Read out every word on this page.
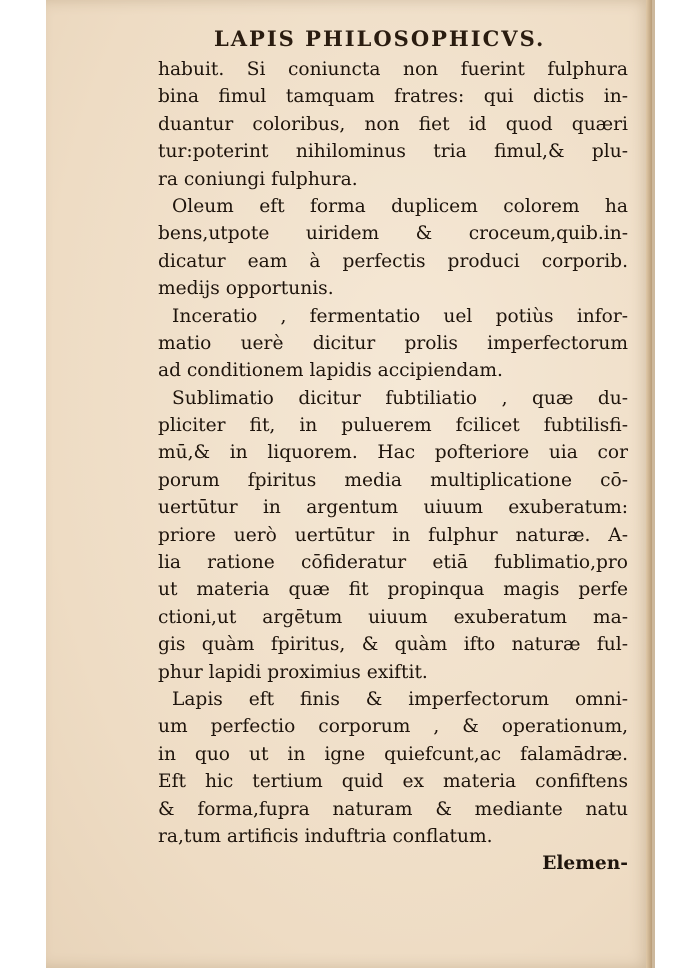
LAPIS PHILOSOPHICVS.
habuit. Si coniuncta non fuerint fulphura
bina fimul tamquam fratres: qui dictis in-
duantur coloribus, non fiet id quod quæri
tur:poterint nihilominus tria fimul,& plu-
ra coniungi fulphura.
Oleum eft forma duplicem colorem ha
bens,utpote uiridem & croceum,quib.in-
dicatur eam à perfectis produci corporib.
medijs opportunis.
Inceratio , fermentatio uel potiùs infor-
matio uerè dicitur prolis imperfectorum
ad conditionem lapidis accipiendam.
Sublimatio dicitur fubtiliatio , quæ du-
pliciter fit, in puluerem fcilicet fubtilisfi-
mū,& in liquorem. Hac pofteriore uia cor
porum fpiritus media multiplicatione cō-
uertūtur in argentum uiuum exuberatum:
priore uerò uertūtur in fulphur naturæ. A-
lia ratione cōfideratur etiā fublimatio,pro
ut materia quæ fit propinqua magis perfe
ctioni,ut argētum uiuum exuberatum ma-
gis quàm fpiritus, & quàm ifto naturæ ful-
phur lapidi proximius exiftit.
Lapis eft finis & imperfectorum omni-
um perfectio corporum , & operationum,
in quo ut in igne quiefcunt,ac falamādræ.
Eft hic tertium quid ex materia confiftens
& forma,fupra naturam & mediante natu
ra,tum artificis induftria conflatum.
Elemen-
